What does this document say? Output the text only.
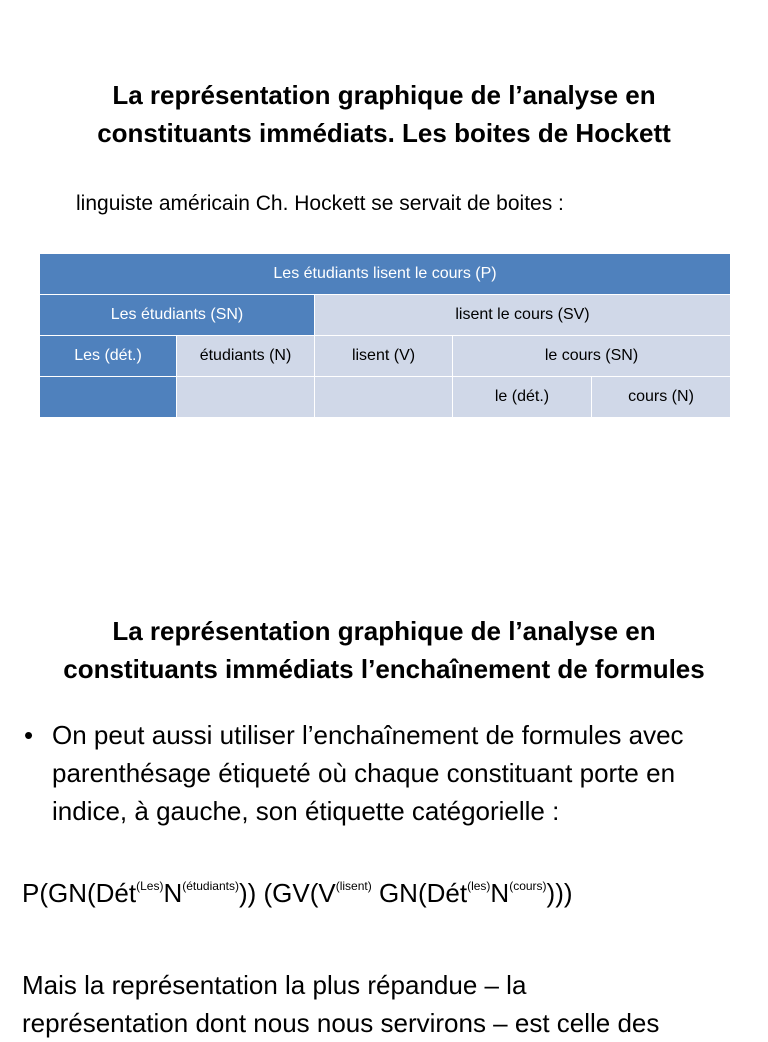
La représentation graphique de l’analyse en
constituants immédiats. Les boites de Hockett
linguiste américain Ch. Hockett se servait de boites :
Les étudiants lisent le cours (P)				
Les étudiants (SN)		lisent le cours (SV)		
Les (dét.)	étudiants (N)	lisent (V)	le cours (SN)	
			le (dét.)	cours (N)
La représentation graphique de l’analyse en
constituants immédiats l’enchaînement de formules
• On peut aussi utiliser l’enchaînement de formules avec parenthésage étiqueté où chaque constituant porte en indice, à gauche, son étiquette catégorielle :
$P(GN(Dét^{(Les)}N^{(étudiants)}))$ ($GV(V^{(lisent)}$ $GN(Dét^{(les)}N^{(cours)})$))
Mais la représentation la plus répandue – la
représentation dont nous nous servirons – est celle des
